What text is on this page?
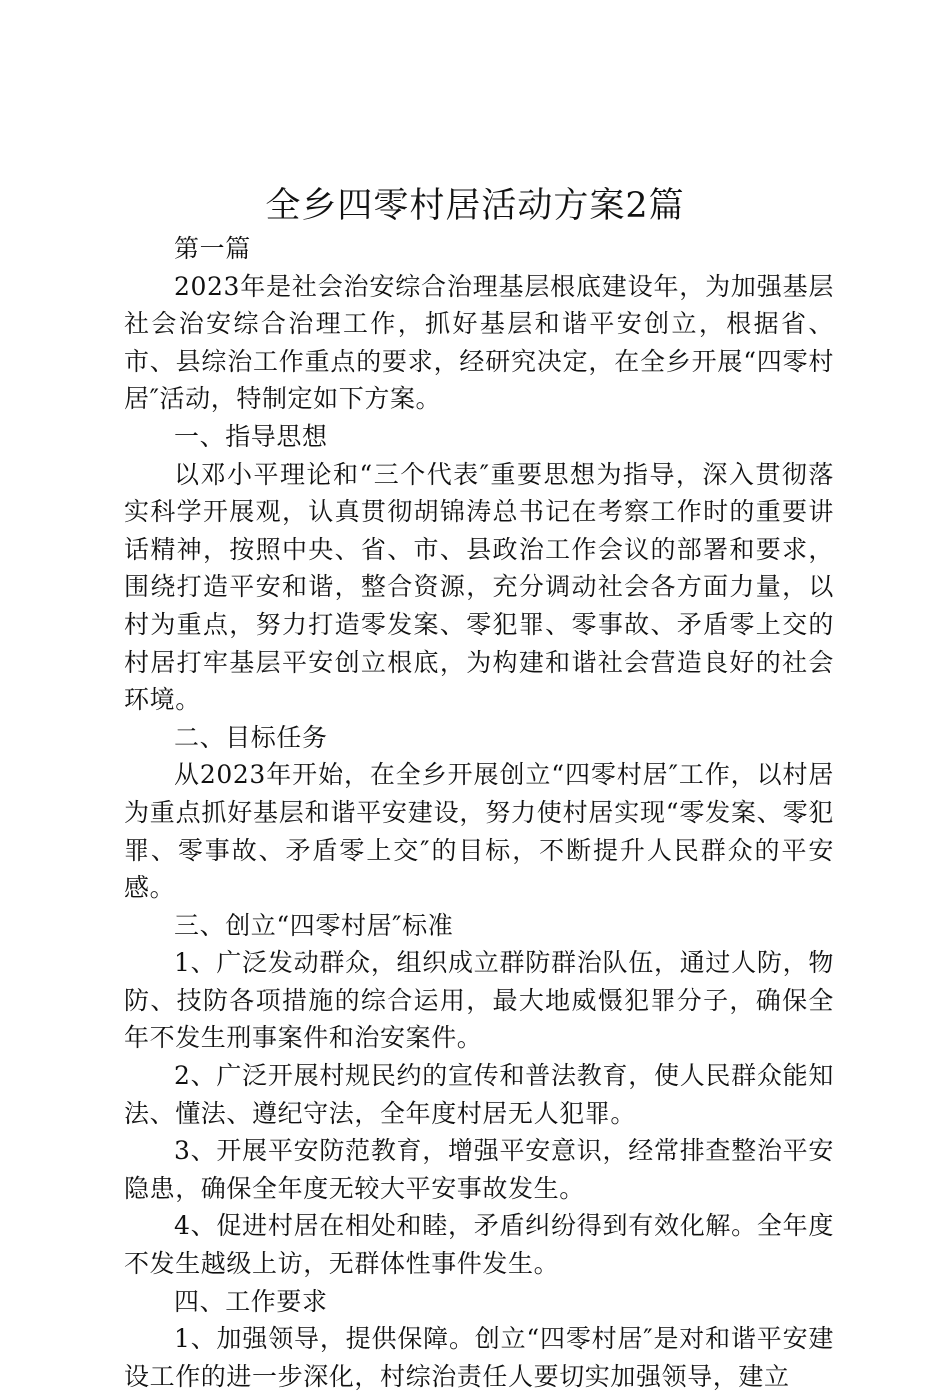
全乡四零村居活动方案2篇

第一篇

2023年是社会治安综合治理基层根底建设年，为加强基层社会治安综合治理工作，抓好基层和谐平安创立，根据省、市、县综治工作重点的要求，经研究决定，在全乡开展“四零村居″活动，特制定如下方案。

一、指导思想

以邓小平理论和“三个代表″重要思想为指导，深入贯彻落实科学开展观，认真贯彻胡锦涛总书记在考察工作时的重要讲话精神，按照中央、省、市、县政治工作会议的部署和要求，围绕打造平安和谐，整合资源，充分调动社会各方面力量，以村为重点，努力打造零发案、零犯罪、零事故、矛盾零上交的村居打牢基层平安创立根底，为构建和谐社会营造良好的社会环境。

二、目标任务

从2023年开始，在全乡开展创立“四零村居″工作，以村居为重点抓好基层和谐平安建设，努力使村居实现“零发案、零犯罪、零事故、矛盾零上交″的目标，不断提升人民群众的平安感。

三、创立“四零村居″标准

1、广泛发动群众，组织成立群防群治队伍，通过人防，物防、技防各项措施的综合运用，最大地威慑犯罪分子，确保全年不发生刑事案件和治安案件。

2、广泛开展村规民约的宣传和普法教育，使人民群众能知法、懂法、遵纪守法，全年度村居无人犯罪。

3、开展平安防范教育，增强平安意识，经常排查整治平安隐患，确保全年度无较大平安事故发生。

4、促进村居在相处和睦，矛盾纠纷得到有效化解。全年度不发生越级上访，无群体性事件发生。

四、工作要求

1、加强领导，提供保障。创立“四零村居″是对和谐平安建设工作的进一步深化，村综治责任人要切实加强领导，建立
